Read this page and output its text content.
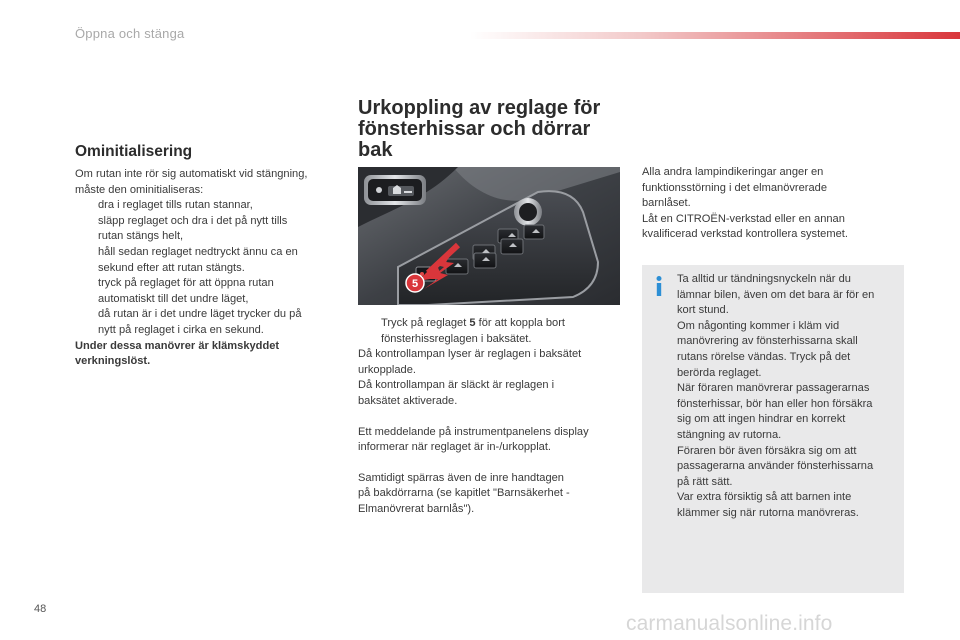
Öppna och stänga
Ominitialisering
Om rutan inte rör sig automatiskt vid stängning,
måste den ominitialiseras:
dra i reglaget tills rutan stannar,
släpp reglaget och dra i det på nytt tills
rutan stängs helt,
håll sedan reglaget nedtryckt ännu ca en
sekund efter att rutan stängts.
tryck på reglaget för att öppna rutan
automatiskt till det undre läget,
då rutan är i det undre läget trycker du på
nytt på reglaget i cirka en sekund.
Under dessa manövrer är klämskyddet
verkningslöst.
Urkoppling av reglage för
fönsterhissar och dörrar
bak
5
Tryck på reglaget 5 för att koppla bort
fönsterhissreglagen i baksätet.
Då kontrollampan lyser är reglagen i baksätet
urkopplade.
Då kontrollampan är släckt är reglagen i
baksätet aktiverade.
Ett meddelande på instrumentpanelens display
informerar när reglaget är in-/urkopplat.
Samtidigt spärras även de inre handtagen
på bakdörrarna (se kapitlet "Barnsäkerhet -
Elmanövrerat barnlås").
Alla andra lampindikeringar anger en
funktionsstörning i det elmanövrerade
barnlåset.
Låt en CITROËN-verkstad eller en annan
kvalificerad verkstad kontrollera systemet.
Ta alltid ur tändningsnyckeln när du
lämnar bilen, även om det bara är för en
kort stund.
Om någonting kommer i kläm vid
manövrering av fönsterhissarna skall
rutans rörelse vändas. Tryck på det
berörda reglaget.
När föraren manövrerar passagerarnas
fönsterhissar, bör han eller hon försäkra
sig om att ingen hindrar en korrekt
stängning av rutorna.
Föraren bör även försäkra sig om att
passagerarna använder fönsterhissarna
på rätt sätt.
Var extra försiktig så att barnen inte
klämmer sig när rutorna manövreras.
48
carmanualsonline.info
